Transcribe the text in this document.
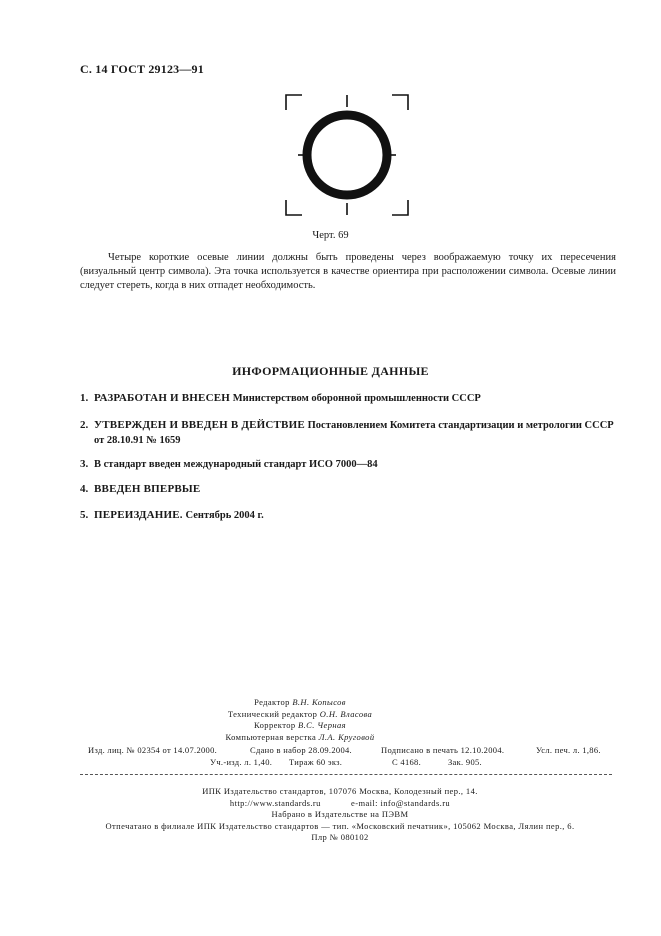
С. 14 ГОСТ 29123—91
Черт. 69
Четыре короткие осевые линии должны быть проведены через воображаемую точку их пересечения (визуальный центр символа). Эта точка используется в качестве ориентира при расположении символа. Осевые линии следует стереть, когда в них отпадет необходимость.
ИНФОРМАЦИОННЫЕ ДАННЫЕ
1. РАЗРАБОТАН И ВНЕСЕН Министерством оборонной промышленности СССР
2. УТВЕРЖДЕН И ВВЕДЕН В ДЕЙСТВИЕ Постановлением Комитета стандартизации и метрологии СССР от 28.10.91 № 1659
3. В стандарт введен международный стандарт ИСО 7000—84
4. ВВЕДЕН ВПЕРВЫЕ
5. ПЕРЕИЗДАНИЕ. Сентябрь 2004 г.
Редактор В.Н. Копысов
Технический редактор О.Н. Власова
Корректор В.С. Черная
Компьютерная верстка Л.А. Круговой
Изд. лиц. № 02354 от 14.07.2000.	Сдано в набор 28.09.2004.	Подписано в печать 12.10.2004.	Усл. печ. л. 1,86.
Уч.-изд. л. 1,40. Тираж 60 экз.	С 4168.	Зак. 905.
ИПК Издательство стандартов, 107076 Москва, Колодезный пер., 14.
http://www.standards.ru	e-mail: info@standards.ru
Набрано в Издательстве на ПЭВМ
Отпечатано в филиале ИПК Издательство стандартов — тип. «Московский печатник», 105062 Москва, Лялин пер., 6.
Плр № 080102
